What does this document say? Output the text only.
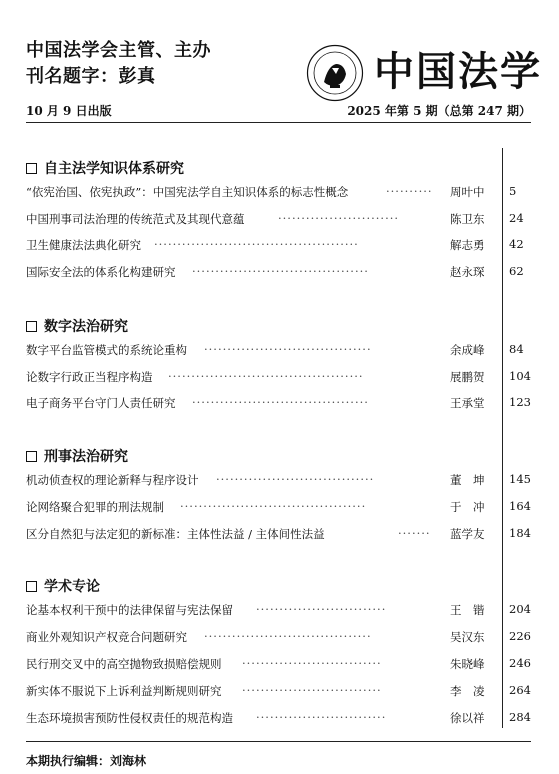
中国法学会主管、主办
刊名题字：彭真	中国法学
10 月 9 日出版	2025 年第 5 期（总第 247 期）
自主法学知识体系研究
“依宪治国、依宪执政”：中国宪法学自主知识体系的标志性概念	··········	周叶中 5
中国刑事司法治理的传统范式及其现代意蕴	··························	陈卫东 24
卫生健康法法典化研究 ············································	解志勇 42
国际安全法的体系化构建研究 ······································	赵永琛 62
数字法治研究
数字平台监管模式的系统论重构 ····································	余成峰 84
论数字行政正当程序构造 ··········································	展鹏贺 104
电子商务平台守门人责任研究 ······································	王承堂 123
刑事法治研究
机动侦查权的理论新释与程序设计 ··································	董　坤 145
论网络聚合犯罪的刑法规制 ········································	于　冲 164
区分自然犯与法定犯的新标准：主体性法益 / 主体间性法益	·······	蓝学友 184
学术专论
论基本权利干预中的法律保留与宪法保留 ····························	王　锴 204
商业外观知识产权竞合问题研究 ····································	吴汉东 226
民行刑交叉中的高空抛物致损赔偿规则 ······························	朱晓峰 246
新实体不服说下上诉利益判断规则研究 ······························	李　凌 264
生态环境损害预防性侵权责任的规范构造 ····························	徐以祥 284
本期执行编辑：刘海林
